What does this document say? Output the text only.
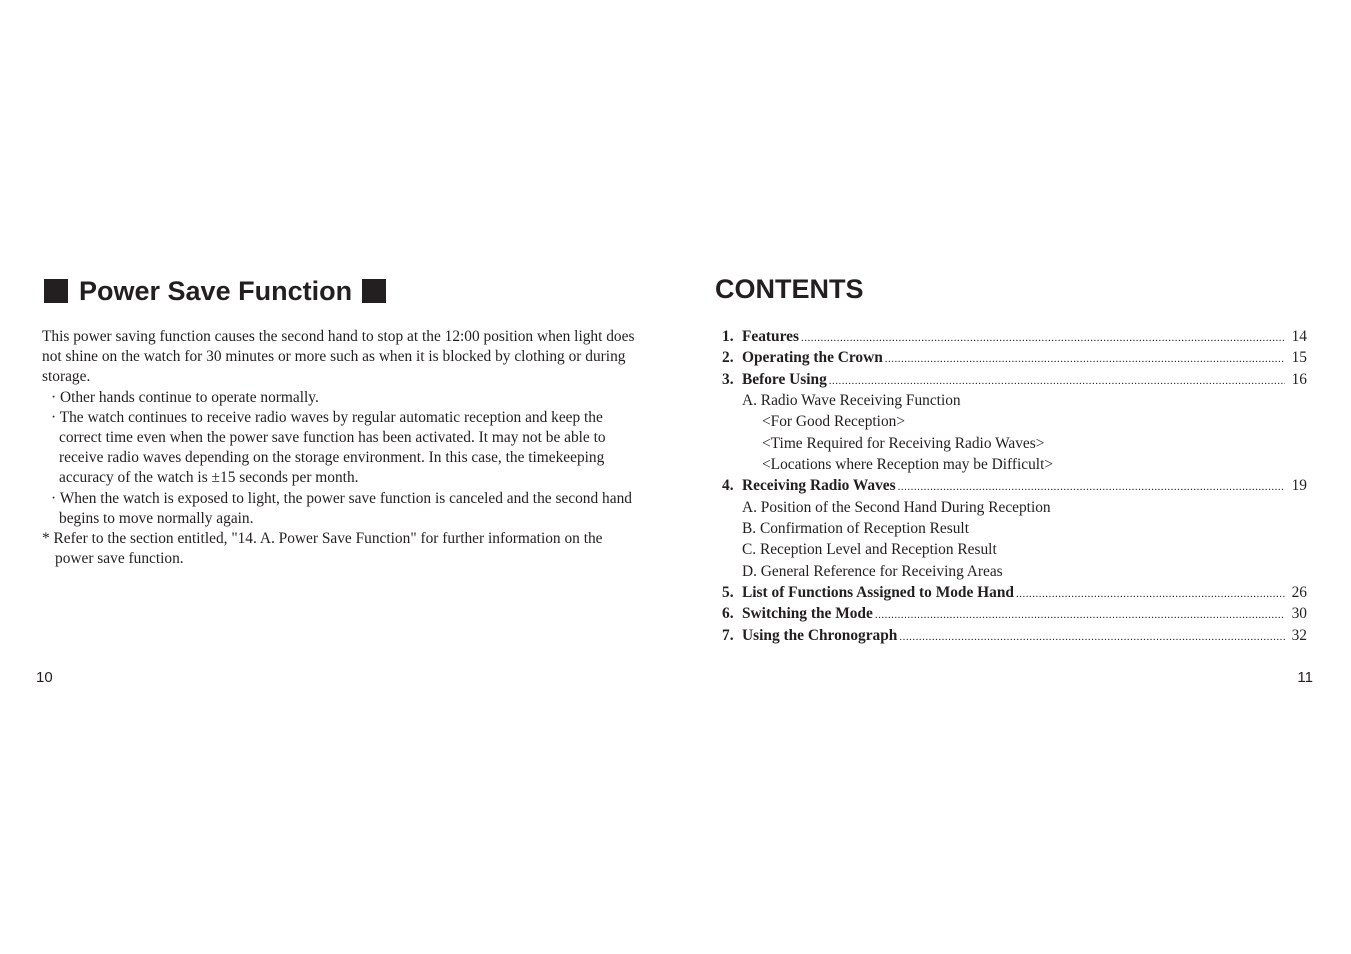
Power Save Function

This power saving function causes the second hand to stop at the 12:00 position when light does not shine on the watch for 30 minutes or more such as when it is blocked by clothing or during storage.

· Other hands continue to operate normally.

· The watch continues to receive radio waves by regular automatic reception and keep the correct time even when the power save function has been activated. It may not be able to receive radio waves depending on the storage environment. In this case, the timekeeping accuracy of the watch is ±15 seconds per month.

· When the watch is exposed to light, the power save function is canceled and the second hand begins to move normally again.

* Refer to the section entitled, "14. A. Power Save Function" for further information on the power save function.

10
CONTENTS
1. Features .....	14
2. Operating the Crown .....	15
3. Before Using .....	16
A. Radio Wave Receiving Function
<For Good Reception>
<Time Required for Receiving Radio Waves>
<Locations where Reception may be Difficult>
4. Receiving Radio Waves .....	19
A. Position of the Second Hand During Reception
B. Confirmation of Reception Result
C. Reception Level and Reception Result
D. General Reference for Receiving Areas
5. List of Functions Assigned to Mode Hand .....	26
6. Switching the Mode .....	30
7. Using the Chronograph .....	32
11
